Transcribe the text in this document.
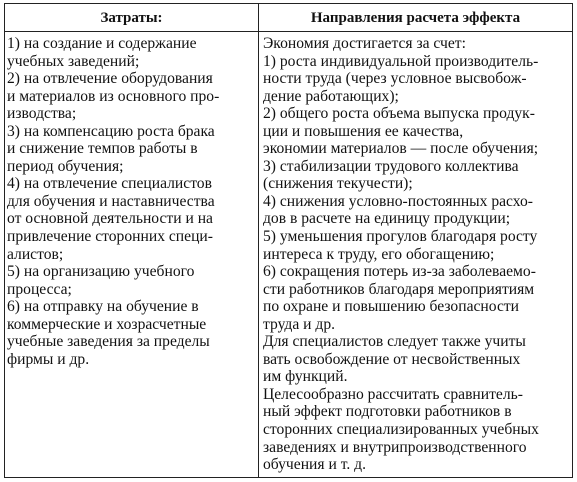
Затраты:	Направления расчета эффекта
1) на создание и содержание
учебных заведений;
2) на отвлечение оборудования
и материалов из основного про-
изводства;
3) на компенсацию роста брака
и снижение темпов работы в
период обучения;
4) на отвлечение специалистов
для обучения и наставничества
от основной деятельности и на
привлечение сторонних специ-
алистов;
5) на организацию учебного
процесса;
6) на отправку на обучение в
коммерческие и хозрасчетные
учебные заведения за пределы
фирмы и др.
Экономия достигается за счет:
1) роста индивидуальной производитель-
ности труда (через условное высвобож-
дение работающих);
2) общего роста объема выпуска продук-
ции и повышения ее качества,
экономии материалов — после обучения;
3) стабилизации трудового коллектива
(снижения текучести);
4) снижения условно-постоянных расхо-
дов в расчете на единицу продукции;
5) уменьшения прогулов благодаря росту
интереса к труду, его обогащению;
6) сокращения потерь из-за заболеваемо-
сти работников благодаря мероприятиям
по охране и повышению безопасности
труда и др.
Для специалистов следует также учиты
вать освобождение от несвойственных
им функций.
Целесообразно рассчитать сравнитель-
ный эффект подготовки работников в
сторонних специализированных учебных
заведениях и внутрипроизводственного
обучения и т. д.
